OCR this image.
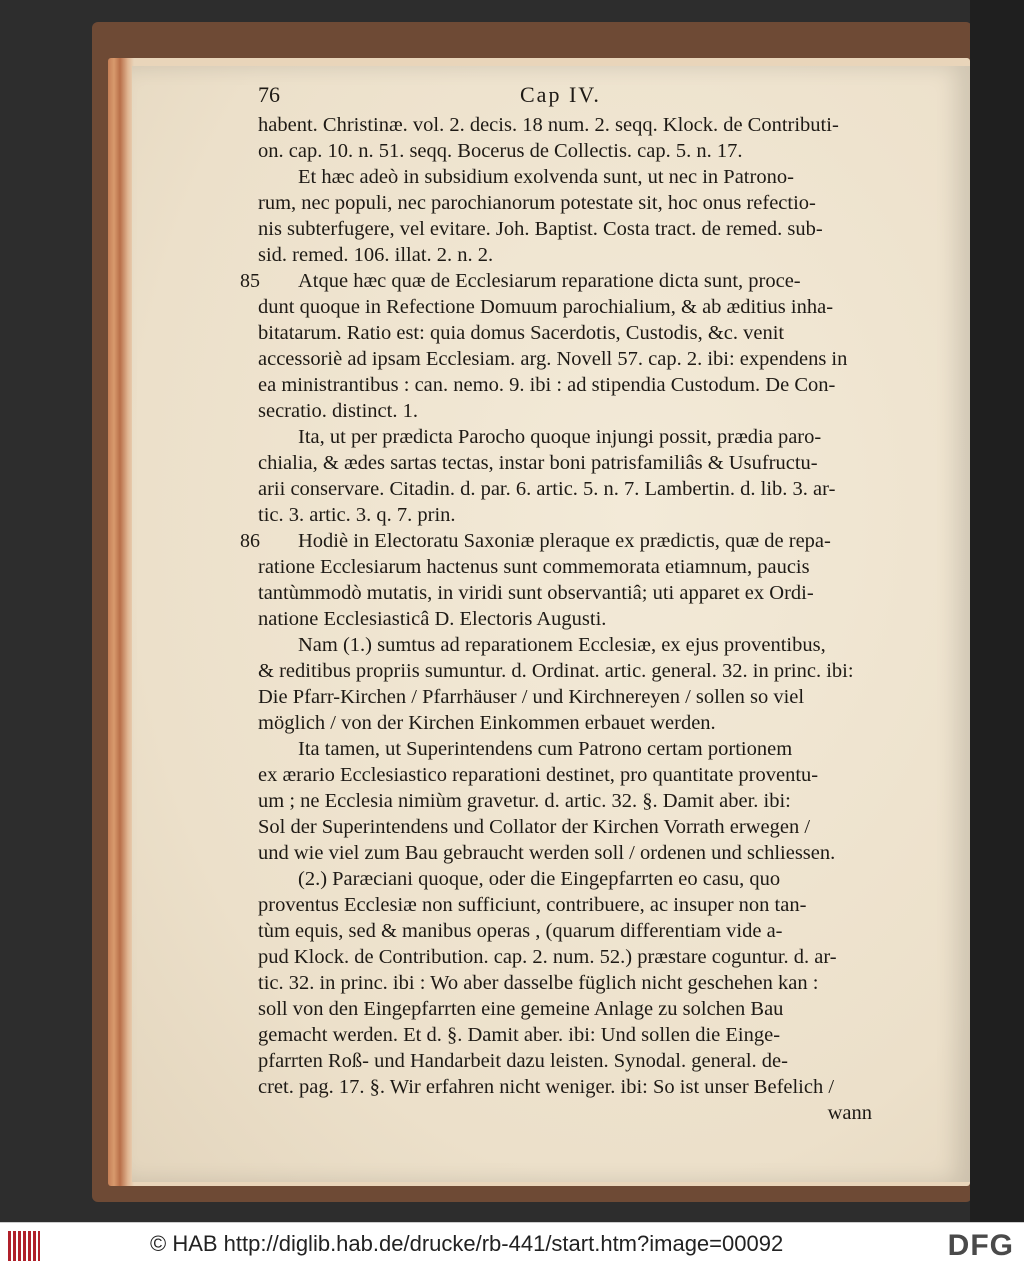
76	Cap IV.
habent. Christinæ. vol. 2. decis. 18 num. 2. seqq. Klock. de Contributi-
on. cap. 10. n. 51. seqq. Bocerus de Collectis. cap. 5. n. 17.
Et hæc adeò in subsidium exolvenda sunt, ut nec in Patrono-
rum, nec populi, nec parochianorum potestate sit, hoc onus refectio-
nis subterfugere, vel evitare. Joh. Baptist. Costa tract. de remed. sub-
sid. remed. 106. illat. 2. n. 2.
85	Atque hæc quæ de Ecclesiarum reparatione dicta sunt, proce-
dunt quoque in Refectione Domuum parochialium, & ab æditius inha-
bitatarum. Ratio est: quia domus Sacerdotis, Custodis, &c. venit
accessoriè ad ipsam Ecclesiam. arg. Novell 57. cap. 2. ibi: expendens in
ea ministrantibus : can. nemo. 9. ibi : ad stipendia Custodum. De Con-
secratio. distinct. 1.
Ita, ut per prædicta Parocho quoque injungi possit, prædia paro-
chialia, & ædes sartas tectas, instar boni patrisfamiliâs & Usufructu-
arii conservare. Citadin. d. par. 6. artic. 5. n. 7. Lambertin. d. lib. 3. ar-
tic. 3. artic. 3. q. 7. prin.
86	Hodiè in Electoratu Saxoniæ pleraque ex prædictis, quæ de repa-
ratione Ecclesiarum hactenus sunt commemorata etiamnum, paucis
tantùmmodò mutatis, in viridi sunt observantiâ; uti apparet ex Ordi-
natione Ecclesiasticâ D. Electoris Augusti.
Nam (1.) sumtus ad reparationem Ecclesiæ, ex ejus proventibus,
& reditibus propriis sumuntur. d. Ordinat. artic. general. 32. in princ. ibi:
Die Pfarr-Kirchen / Pfarrhäuser / und Kirchnereyen / sollen so viel
möglich / von der Kirchen Einkommen erbauet werden.
Ita tamen, ut Superintendens cum Patrono certam portionem
ex ærario Ecclesiastico reparationi destinet, pro quantitate proventu-
um ; ne Ecclesia nimiùm gravetur. d. artic. 32. §. Damit aber. ibi:
Sol der Superintendens und Collator der Kirchen Vorrath erwegen /
und wie viel zum Bau gebraucht werden soll / ordenen und schliessen.
(2.) Paræciani quoque, oder die Eingepfarrten eo casu, quo
proventus Ecclesiæ non sufficiunt, contribuere, ac insuper non tan-
tùm equis, sed & manibus operas , (quarum differentiam vide a-
pud Klock. de Contribution. cap. 2. num. 52.) præstare coguntur. d. ar-
tic. 32. in princ. ibi : Wo aber dasselbe füglich nicht geschehen kan :
soll von den Eingepfarrten eine gemeine Anlage zu solchen Bau
gemacht werden. Et d. §. Damit aber. ibi: Und sollen die Einge-
pfarrten Roß- und Handarbeit dazu leisten. Synodal. general. de-
cret. pag. 17. §. Wir erfahren nicht weniger. ibi: So ist unser Befelich /
wann
© HAB http://diglib.hab.de/drucke/rb-441/start.htm?image=00092	DFG
